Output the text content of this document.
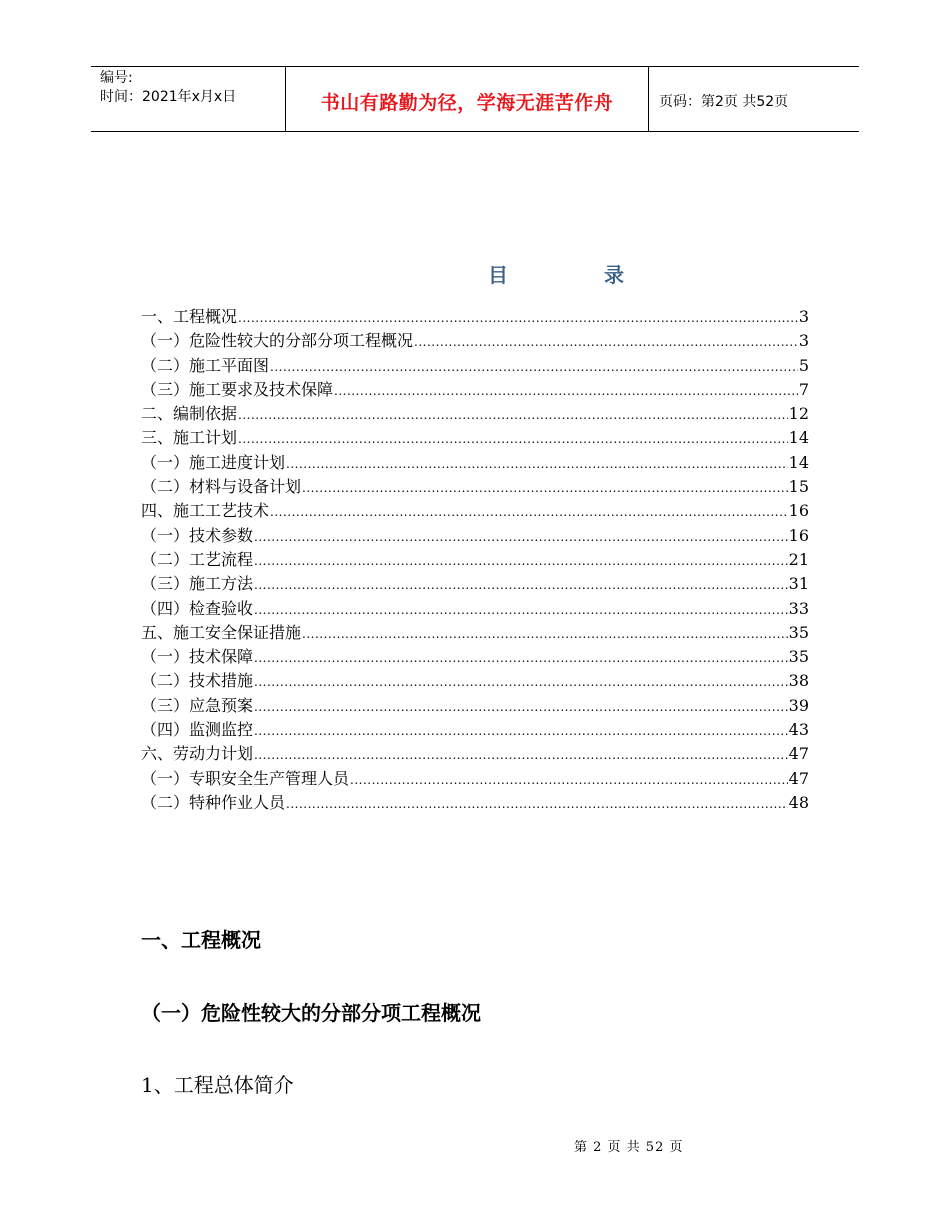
编号:
时间：2021年x月x日	书山有路勤为径，学海无涯苦作舟	页码：第2页 共52页
目	录
一、工程概况 .....	3
（一）危险性较大的分部分项工程概况 .....	3
（二）施工平面图 .....	5
（三）施工要求及技术保障 .....	7
二、编制依据 .....	12
三、施工计划 .....	14
（一）施工进度计划 .....	14
（二）材料与设备计划 .....	15
四、施工工艺技术 .....	16
（一）技术参数 .....	16
（二）工艺流程 .....	21
（三）施工方法 .....	31
（四）检查验收 .....	33
五、施工安全保证措施 .....	35
（一）技术保障 .....	35
（二）技术措施 .....	38
（三）应急预案 .....	39
（四）监测监控 .....	43
六、劳动力计划 .....	47
（一）专职安全生产管理人员 .....	47
（二）特种作业人员 .....	48
一、工程概况
（一）危险性较大的分部分项工程概况
1、工程总体简介
第 2 页 共 52 页
